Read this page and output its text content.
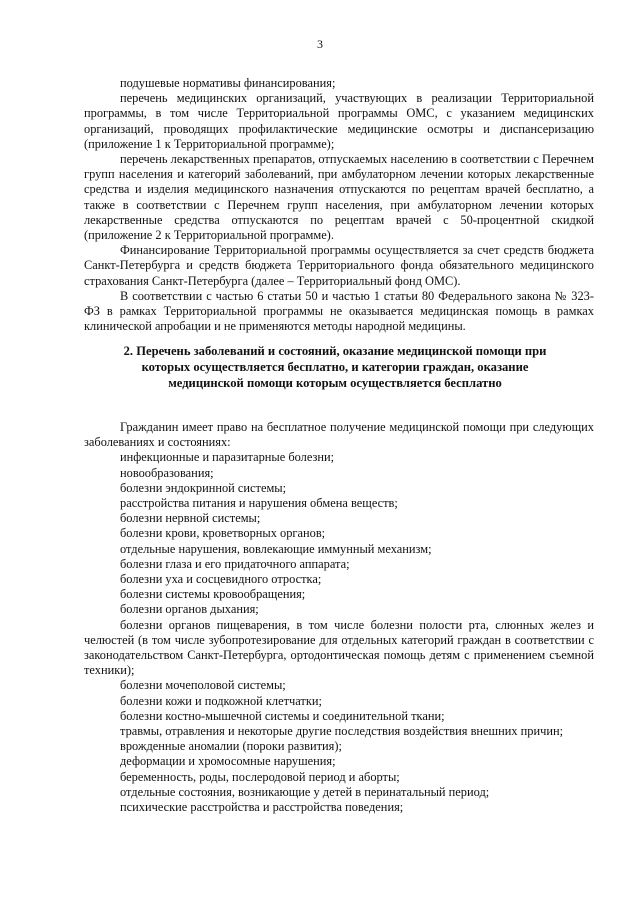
3

подушевые нормативы финансирования;

перечень медицинских организаций, участвующих в реализации Территориальной программы, в том числе Территориальной программы ОМС, с указанием медицинских организаций, проводящих профилактические медицинские осмотры и диспансеризацию (приложение 1 к Территориальной программе);

перечень лекарственных препаратов, отпускаемых населению в соответствии с Перечнем групп населения и категорий заболеваний, при амбулаторном лечении которых лекарственные средства и изделия медицинского назначения отпускаются по рецептам врачей бесплатно, а также в соответствии с Перечнем групп населения, при амбулаторном лечении которых лекарственные средства отпускаются по рецептам врачей с 50-процентной скидкой (приложение 2 к Территориальной программе).

Финансирование Территориальной программы осуществляется за счет средств бюджета Санкт-Петербурга и средств бюджета Территориального фонда обязательного медицинского страхования Санкт-Петербурга (далее – Территориальный фонд ОМС).

В соответствии с частью 6 статьи 50 и частью 1 статьи 80 Федерального закона № 323-ФЗ в рамках Территориальной программы не оказывается медицинская помощь в рамках клинической апробации и не применяются методы народной медицины.

2. Перечень заболеваний и состояний, оказание медицинской помощи при которых осуществляется бесплатно, и категории граждан, оказание медицинской помощи которым осуществляется бесплатно

Гражданин имеет право на бесплатное получение медицинской помощи при следующих заболеваниях и состояниях:

инфекционные и паразитарные болезни;

новообразования;

болезни эндокринной системы;

расстройства питания и нарушения обмена веществ;

болезни нервной системы;

болезни крови, кроветворных органов;

отдельные нарушения, вовлекающие иммунный механизм;

болезни глаза и его придаточного аппарата;

болезни уха и сосцевидного отростка;

болезни системы кровообращения;

болезни органов дыхания;

болезни органов пищеварения, в том числе болезни полости рта, слюнных желез и челюстей (в том числе зубопротезирование для отдельных категорий граждан в соответствии с законодательством Санкт-Петербурга, ортодонтическая помощь детям с применением съемной техники);

болезни мочеполовой системы;

болезни кожи и подкожной клетчатки;

болезни костно-мышечной системы и соединительной ткани;

травмы, отравления и некоторые другие последствия воздействия внешних причин;

врожденные аномалии (пороки развития);

деформации и хромосомные нарушения;

беременность, роды, послеродовой период и аборты;

отдельные состояния, возникающие у детей в перинатальный период;

психические расстройства и расстройства поведения;
